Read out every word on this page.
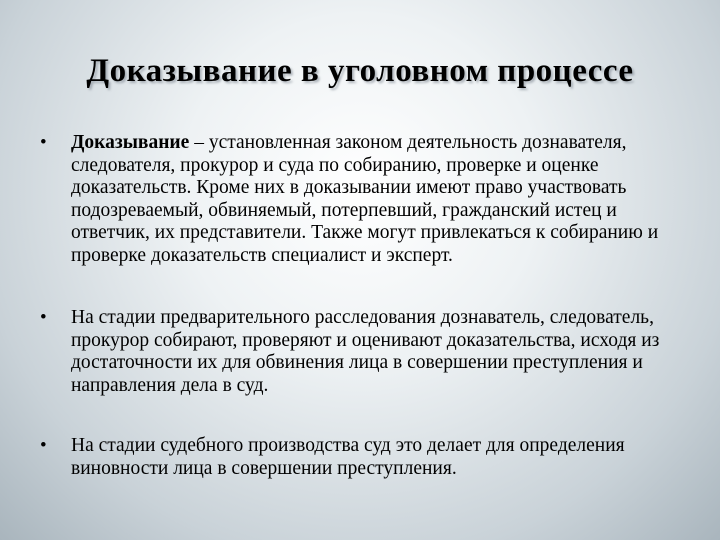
Доказывание в уголовном процессе
• Доказывание – установленная законом деятельность дознавателя, следователя, прокурор и суда по собиранию, проверке и оценке доказательств. Кроме них в доказывании имеют право участвовать подозреваемый, обвиняемый, потерпевший, гражданский истец и ответчик, их представители. Также могут привлекаться к собиранию и проверке доказательств специалист и эксперт.
• На стадии предварительного расследования дознаватель, следователь, прокурор собирают, проверяют и оценивают доказательства, исходя из достаточности их для обвинения лица в совершении преступления и направления дела в суд.
• На стадии судебного производства суд это делает для определения виновности лица в совершении преступления.
